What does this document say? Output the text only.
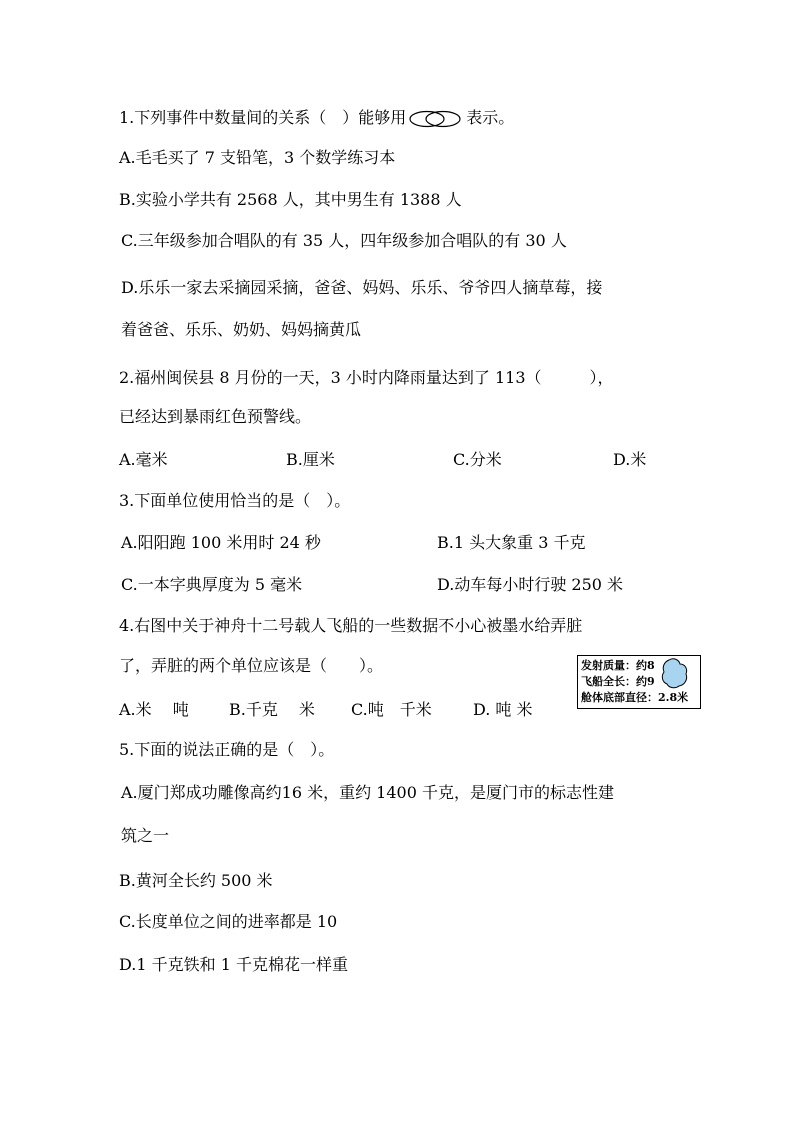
1.下列事件中数量间的关系（　）能够用	表示。
A.毛毛买了 7 支铅笔，3 个数学练习本
B.实验小学共有 2568 人，其中男生有 1388 人
C.三年级参加合唱队的有 35 人，四年级参加合唱队的有 30 人
D.乐乐一家去采摘园采摘，爸爸、妈妈、乐乐、爷爷四人摘草莓，接
着爸爸、乐乐、奶奶、妈妈摘黄瓜
2.福州闽侯县 8 月份的一天，3 小时内降雨量达到了 113（　　　），
已经达到暴雨红色预警线。
A.毫米	B.厘米	C.分米	D.米
3.下面单位使用恰当的是（　）。
A.阳阳跑 100 米用时 24 秒	B.1 头大象重 3 千克
C.一本字典厚度为 5 毫米	D.动车每小时行驶 250 米
4.右图中关于神舟十二号载人飞船的一些数据不小心被墨水给弄脏
了，弄脏的两个单位应该是（　　）。
A.米　 吨	B.千克　 米 C.吨　千米	D. 吨 米
发射质量：约8
飞船全长：约9
舱体底部直径：2.8米
5.下面的说法正确的是（　）。
A.厦门郑成功雕像高约16 米，重约 1400 千克，是厦门市的标志性建
筑之一
B.黄河全长约 500 米
C.长度单位之间的进率都是 10
D.1 千克铁和 1 千克棉花一样重
